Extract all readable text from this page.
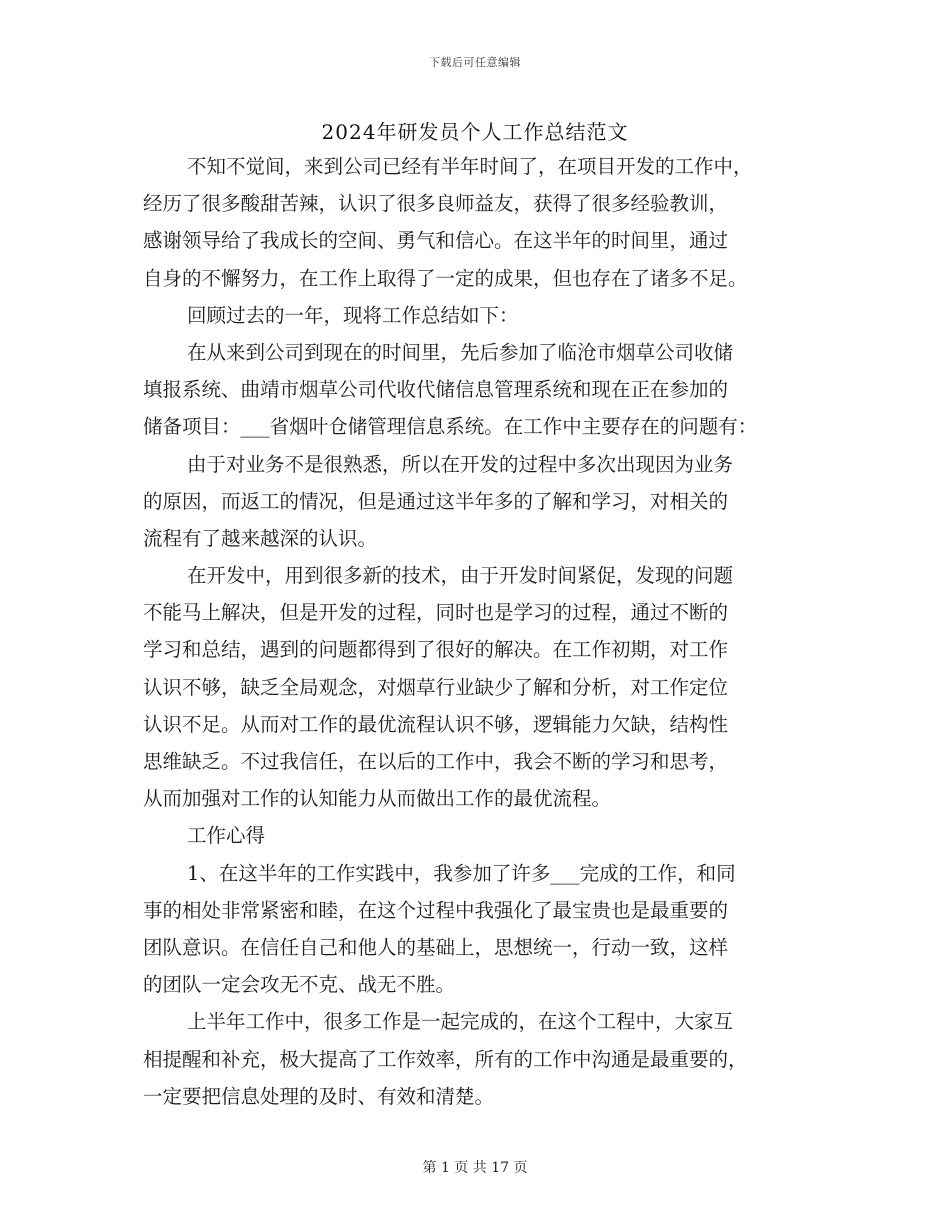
下载后可任意编辑
2024年研发员个人工作总结范文
不知不觉间，来到公司已经有半年时间了，在项目开发的工作中，
经历了很多酸甜苦辣，认识了很多良师益友，获得了很多经验教训，
感谢领导给了我成长的空间、勇气和信心。在这半年的时间里，通过
自身的不懈努力，在工作上取得了一定的成果，但也存在了诸多不足。
回顾过去的一年，现将工作总结如下：
在从来到公司到现在的时间里，先后参加了临沧市烟草公司收储
填报系统、曲靖市烟草公司代收代储信息管理系统和现在正在参加的
储备项目：___省烟叶仓储管理信息系统。在工作中主要存在的问题有：
由于对业务不是很熟悉，所以在开发的过程中多次出现因为业务
的原因，而返工的情况，但是通过这半年多的了解和学习，对相关的
流程有了越来越深的认识。
在开发中，用到很多新的技术，由于开发时间紧促，发现的问题
不能马上解决，但是开发的过程，同时也是学习的过程，通过不断的
学习和总结，遇到的问题都得到了很好的解决。在工作初期，对工作
认识不够，缺乏全局观念，对烟草行业缺少了解和分析，对工作定位
认识不足。从而对工作的最优流程认识不够，逻辑能力欠缺，结构性
思维缺乏。不过我信任，在以后的工作中，我会不断的学习和思考，
从而加强对工作的认知能力从而做出工作的最优流程。
工作心得
1、在这半年的工作实践中，我参加了许多___完成的工作，和同
事的相处非常紧密和睦，在这个过程中我强化了最宝贵也是最重要的
团队意识。在信任自己和他人的基础上，思想统一，行动一致，这样
的团队一定会攻无不克、战无不胜。
上半年工作中，很多工作是一起完成的，在这个工程中，大家互
相提醒和补充，极大提高了工作效率，所有的工作中沟通是最重要的，
一定要把信息处理的及时、有效和清楚。
第 1 页 共 17 页
